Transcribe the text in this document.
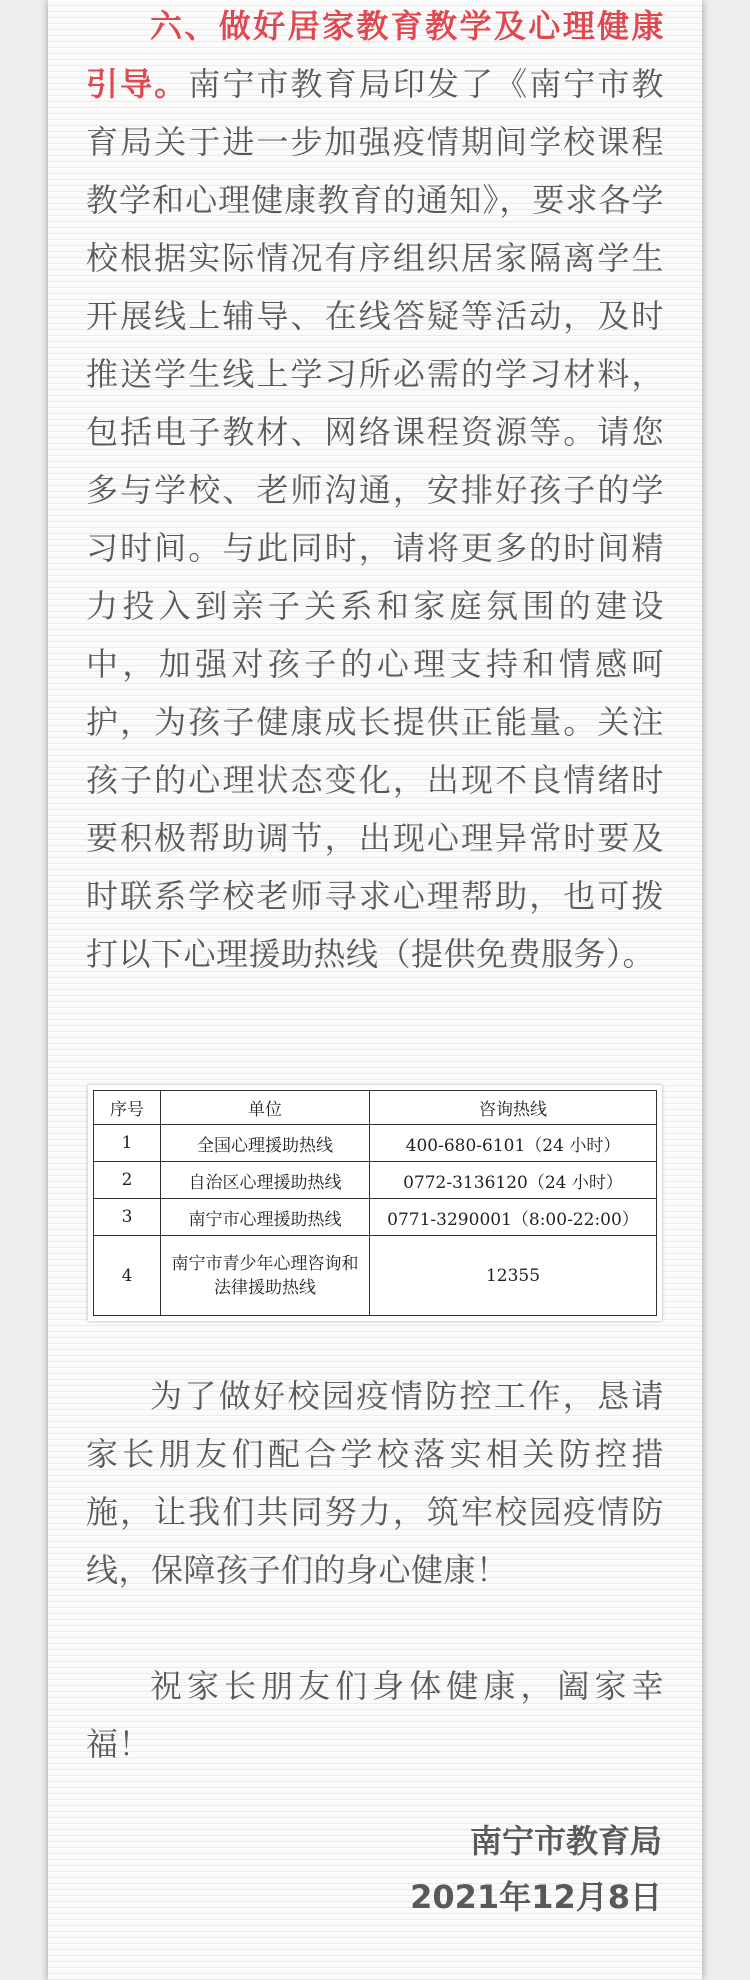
六、做好居家教育教学及心理健康引导。南宁市教育局印发了《南宁市教育局关于进一步加强疫情期间学校课程教学和心理健康教育的通知》，要求各学校根据实际情况有序组织居家隔离学生开展线上辅导、在线答疑等活动，及时推送学生线上学习所必需的学习材料，包括电子教材、网络课程资源等。请您多与学校、老师沟通，安排好孩子的学习时间。与此同时，请将更多的时间精力投入到亲子关系和家庭氛围的建设中，加强对孩子的心理支持和情感呵护，为孩子健康成长提供正能量。关注孩子的心理状态变化，出现不良情绪时要积极帮助调节，出现心理异常时要及时联系学校老师寻求心理帮助，也可拨打以下心理援助热线（提供免费服务）。

序号	单位	咨询热线
1	全国心理援助热线	400-680-6101（24 小时）
2	自治区心理援助热线	0772-3136120（24 小时）
3	南宁市心理援助热线	0771-3290001（8:00-22:00）
4	南宁市青少年心理咨询和法律援助热线	12355

为了做好校园疫情防控工作，恳请家长朋友们配合学校落实相关防控措施，让我们共同努力，筑牢校园疫情防线，保障孩子们的身心健康！

祝家长朋友们身体健康，阖家幸福！

南宁市教育局

2021年12月8日
